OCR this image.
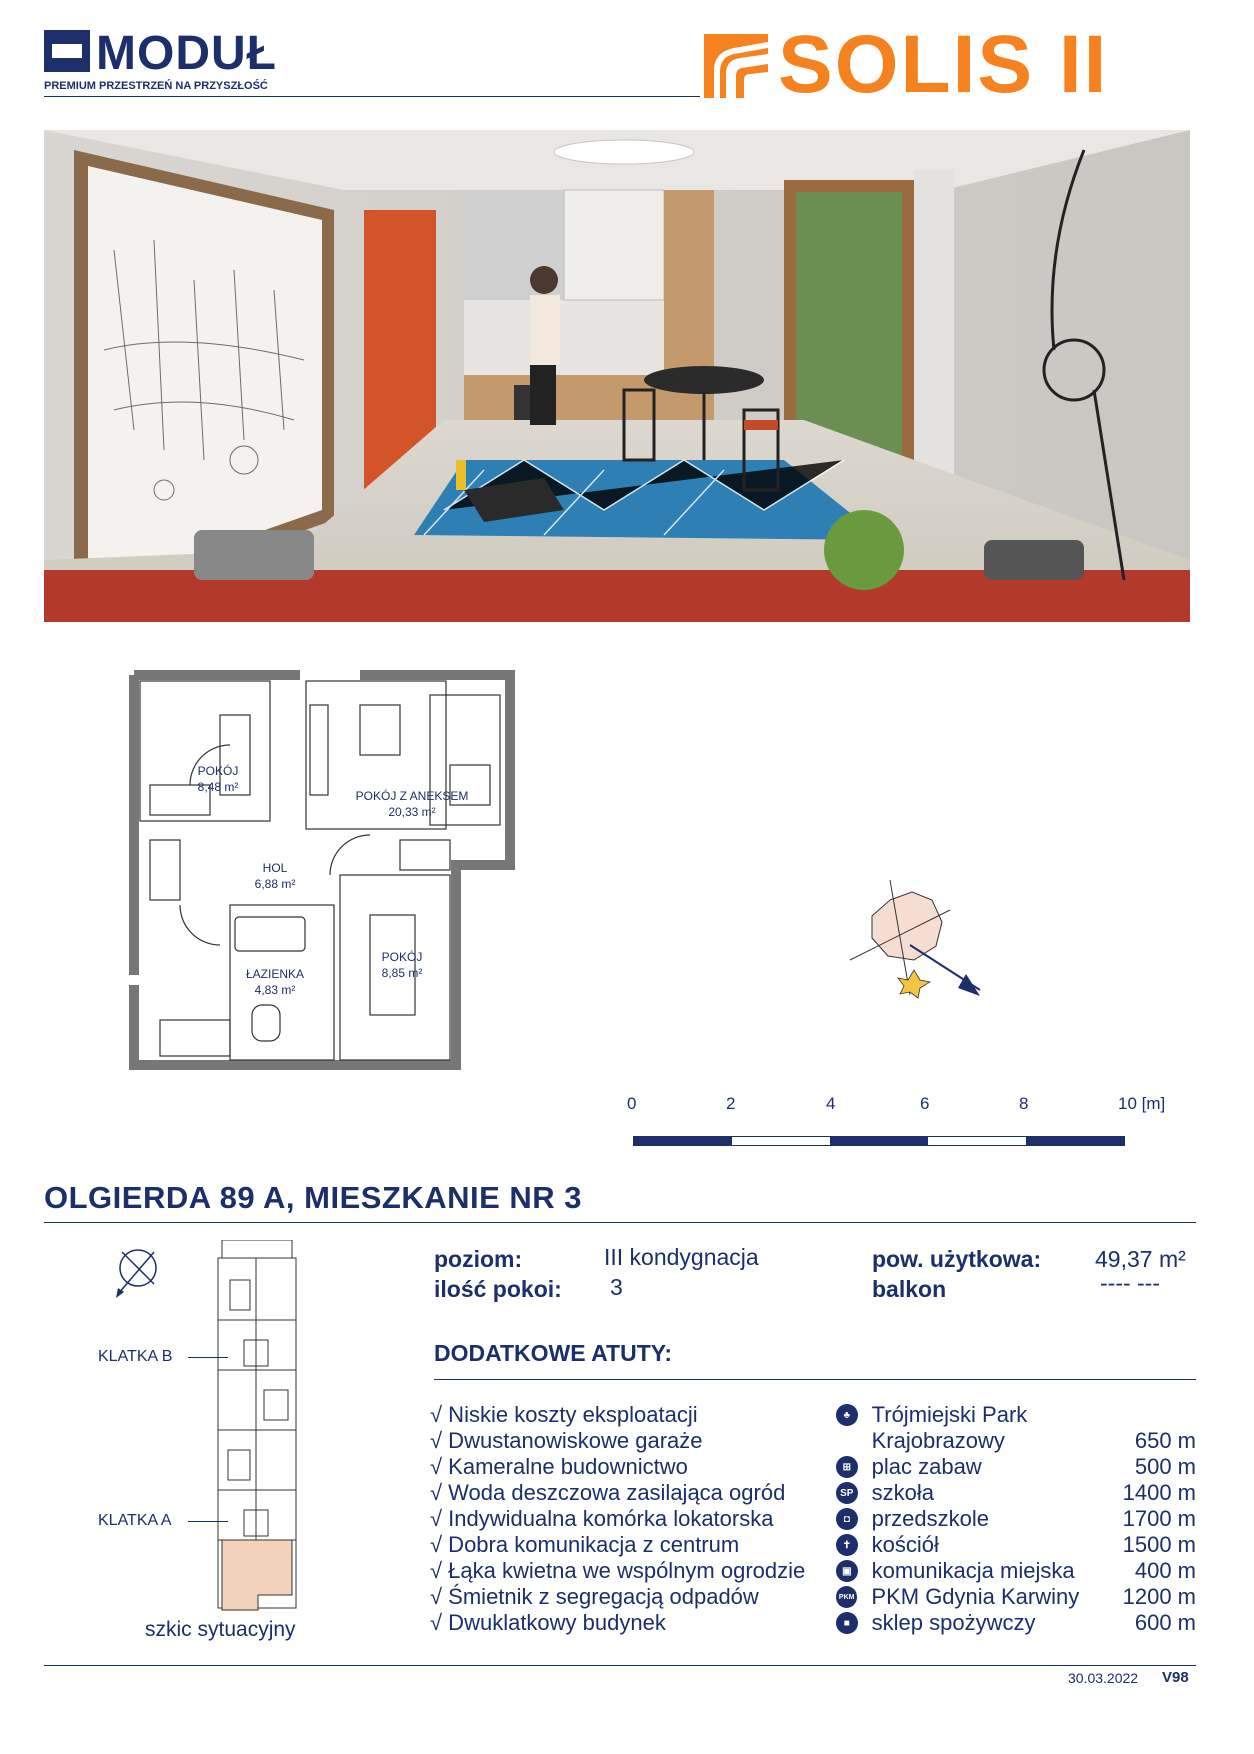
MODUŁ
PREMIUM PRZESTRZEŃ NA PRZYSZŁOŚĆ	SOLIS II
POKÓJ
8,48 m²
POKÓJ Z ANEKSEM
20,33 m²
HOL
6,88 m²
ŁAZIENKA
4,83 m²
POKÓJ
8,85 m²
0	2	4	6	8	10 [m]
OLGIERDA 89 A, MIESZKANIE NR 3
poziom:	III kondygnacja
ilość pokoi: 3
pow. użytkowa: 49,37 m²
balkon	---- ---
DODATKOWE ATUTY:
√ Niskie koszty eksploatacji
√ Dwustanowiskowe garaże
√ Kameralne budownictwo
√ Woda deszczowa zasilająca ogród
√ Indywidualna komórka lokatorska
√ Dobra komunikacja z centrum
√ Łąka kwietna we wspólnym ogrodzie
√ Śmietnik z segregacją odpadów
√ Dwuklatkowy budynek
♣ Trójmiejski Park
Krajobrazowy	650 m
⊞ plac zabaw	500 m
SP szkoła	1400 m
◘ przedszkole	1700 m
✝ kościół	1500 m
▣ komunikacja miejska	400 m
PKM PKM Gdynia Karwiny	1200 m
■ sklep spożywczy	600 m
KLATKA B
KLATKA A
szkic sytuacyjny
30.03.2022 V98
